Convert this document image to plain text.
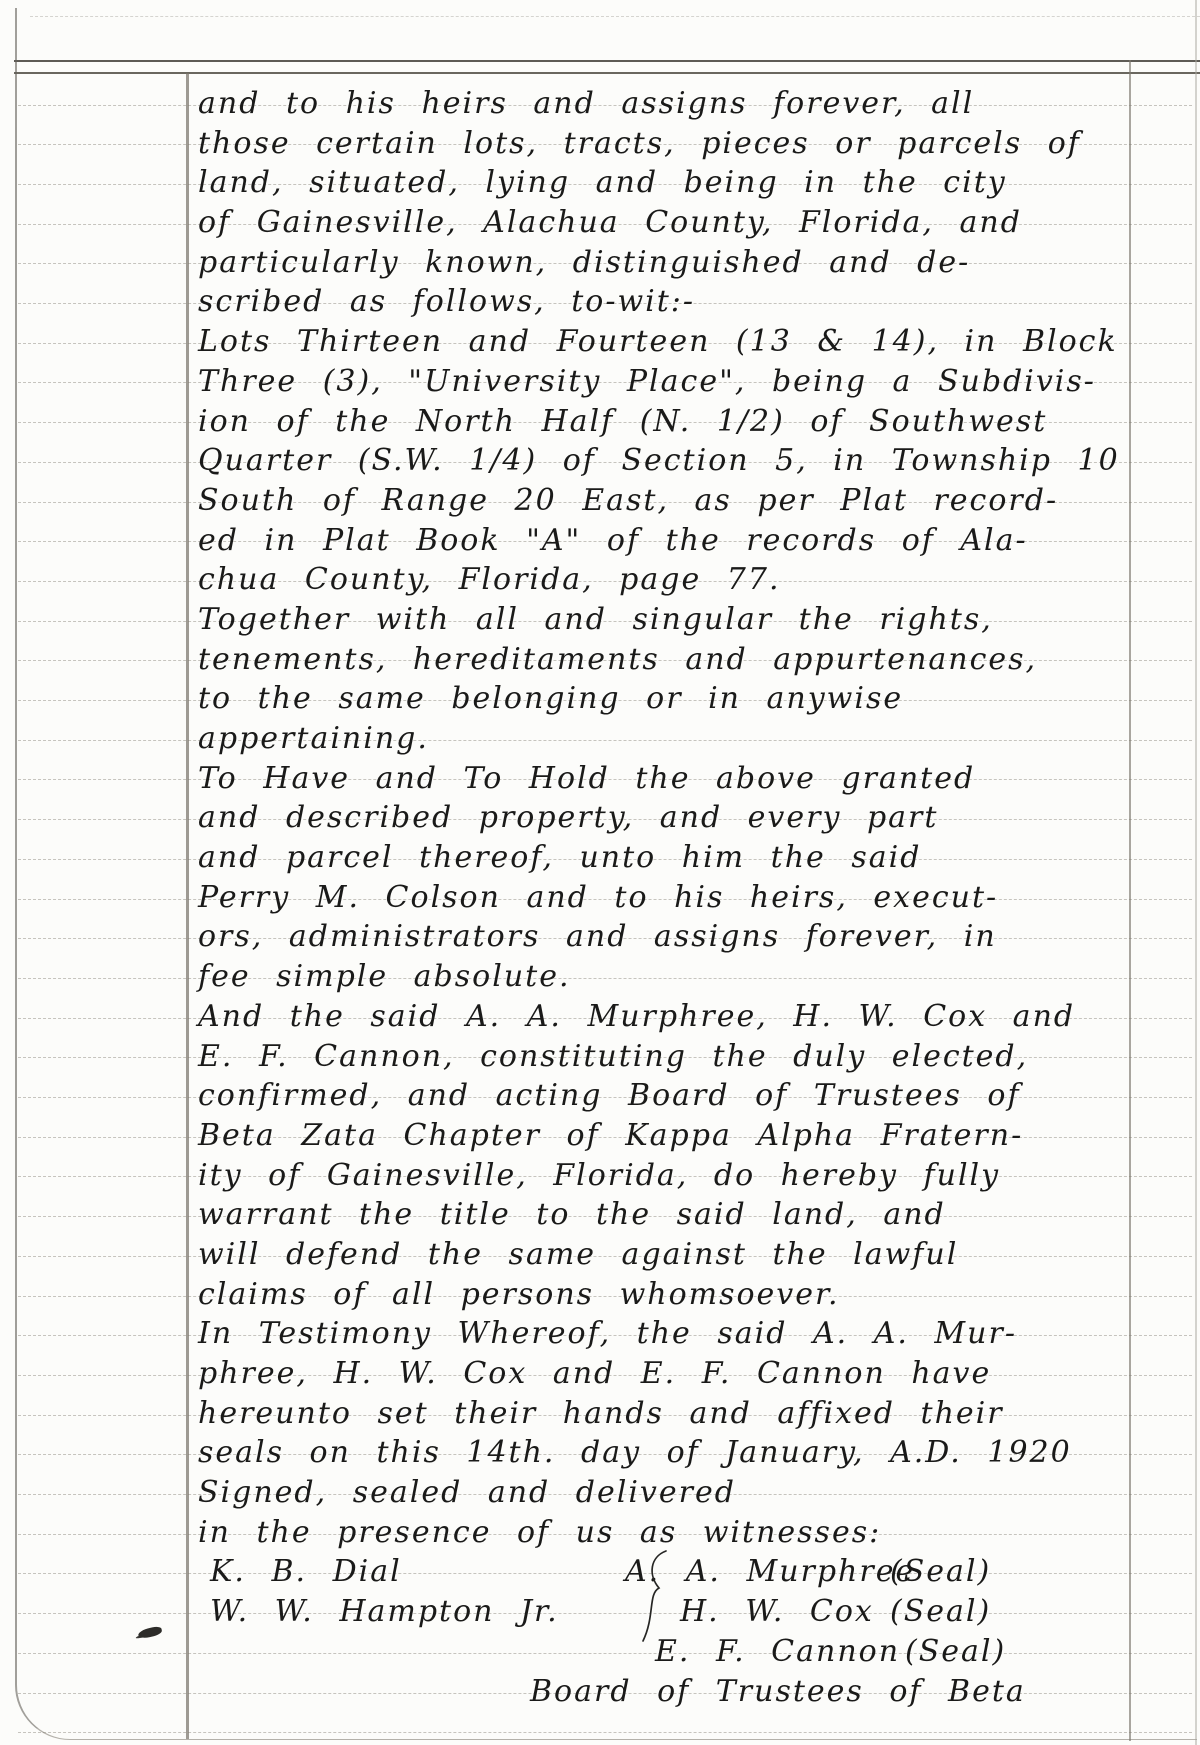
and to his heirs and assigns forever, all
those certain lots, tracts, pieces or parcels of
land, situated, lying and being in the city
of Gainesville, Alachua County, Florida, and
particularly known, distinguished and de-
scribed as follows, to-wit:-
Lots Thirteen and Fourteen (13 & 14), in Block
Three (3), "University Place", being a Subdivis-
ion of the North Half (N. 1/2) of Southwest
Quarter (S.W. 1/4) of Section 5, in Township 10
South of Range 20 East, as per Plat record-
ed in Plat Book "A" of the records of Ala-
chua County, Florida, page 77.
Together with all and singular the rights,
tenements, hereditaments and appurtenances,
to the same belonging or in anywise
appertaining.
To Have and To Hold the above granted
and described property, and every part
and parcel thereof, unto him the said
Perry M. Colson and to his heirs, execut-
ors, administrators and assigns forever, in
fee simple absolute.
And the said A. A. Murphree, H. W. Cox and
E. F. Cannon, constituting the duly elected,
confirmed, and acting Board of Trustees of
Beta Zata Chapter of Kappa Alpha Fratern-
ity of Gainesville, Florida, do hereby fully
warrant the title to the said land, and
will defend the same against the lawful
claims of all persons whomsoever.
In Testimony Whereof, the said A. A. Mur-
phree, H. W. Cox and E. F. Cannon have
hereunto set their hands and affixed their
seals on this 14th. day of January, A.D. 1920
Signed, sealed and delivered
in the presence of us as witnesses:
K. B. Dial	A. A. Murphree
(Seal)
W. W. Hampton Jr.	H. W. Cox (Seal)
E. F. Cannon (Seal)
Board of Trustees of Beta
